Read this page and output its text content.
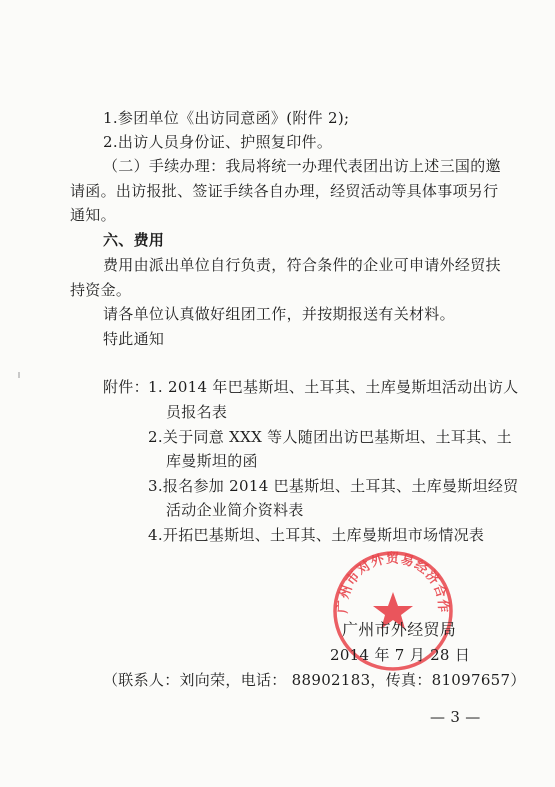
1.参团单位《出访同意函》(附件 2);
2.出访人员身份证、护照复印件。
（二）手续办理：我局将统一办理代表团出访上述三国的邀
请函。出访报批、签证手续各自办理，经贸活动等具体事项另行
通知。
六、费用
费用由派出单位自行负责，符合条件的企业可申请外经贸扶
持资金。
请各单位认真做好组团工作，并按期报送有关材料。
特此通知
附件： 1. 2014 年巴基斯坦、土耳其、土库曼斯坦活动出访人
员报名表
2.关于同意 XXX 等人随团出访巴基斯坦、土耳其、土
库曼斯坦的函
3.报名参加 2014 巴基斯坦、土耳其、土库曼斯坦经贸
活动企业简介资料表
4.开拓巴基斯坦、土耳其、土库曼斯坦市场情况表
广州市对外贸易经济合作
广州市外经贸局
2014 年 7 月 28 日
（联系人：刘向荣，电话： 88902183，传真：81097657）
— 3 —
